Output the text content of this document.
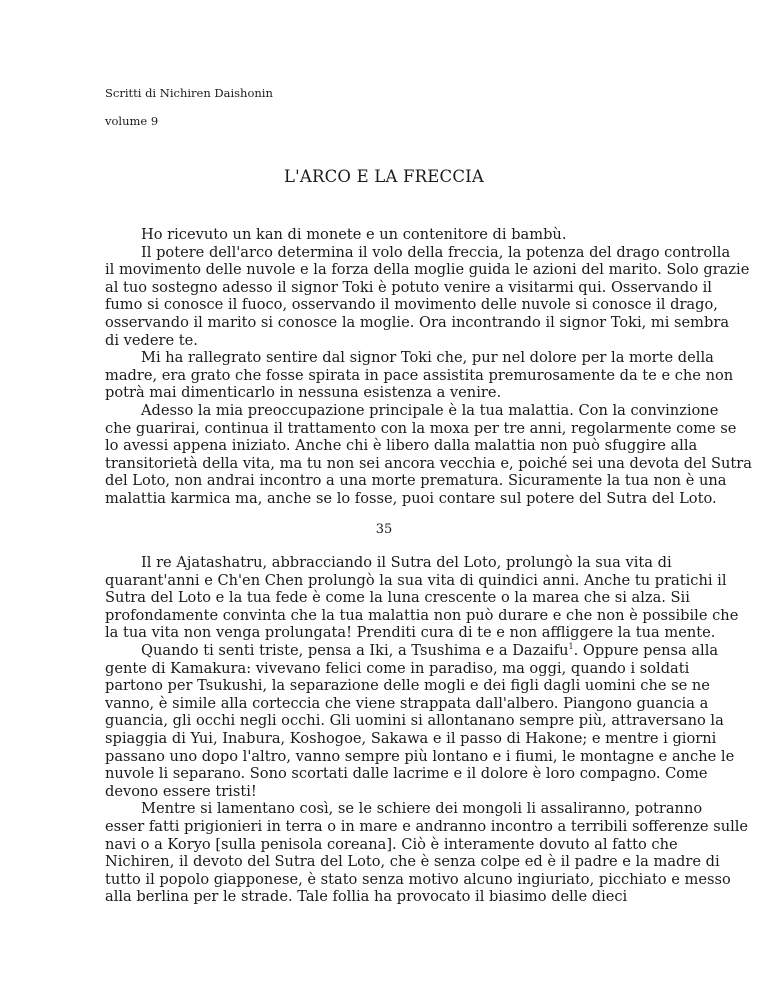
Scritti di Nichiren Daishonin
volume 9
L'ARCO E LA FRECCIA
Ho ricevuto un kan di monete e un contenitore di bambù.
Il potere dell'arco determina il volo della freccia, la potenza del drago controlla
il movimento delle nuvole e la forza della moglie guida le azioni del marito. Solo grazie
al tuo sostegno adesso il signor Toki è potuto venire a visitarmi qui. Osservando il
fumo si conosce il fuoco, osservando il movimento delle nuvole si conosce il drago,
osservando il marito si conosce la moglie. Ora incontrando il signor Toki, mi sembra
di vedere te.
Mi ha rallegrato sentire dal signor Toki che, pur nel dolore per la morte della
madre, era grato che fosse spirata in pace assistita premurosamente da te e che non
potrà mai dimenticarlo in nessuna esistenza a venire.
Adesso la mia preoccupazione principale è la tua malattia. Con la convinzione
che guarirai, continua il trattamento con la moxa per tre anni, regolarmente come se
lo avessi appena iniziato. Anche chi è libero dalla malattia non può sfuggire alla
transitorietà della vita, ma tu non sei ancora vecchia e, poiché sei una devota del Sutra
del Loto, non andrai incontro a una morte prematura. Sicuramente la tua non è una
malattia karmica ma, anche se lo fosse, puoi contare sul potere del Sutra del Loto.
35
Il re Ajatashatru, abbracciando il Sutra del Loto, prolungò la sua vita di
quarant'anni e Ch'en Chen prolungò la sua vita di quindici anni. Anche tu pratichi il
Sutra del Loto e la tua fede è come la luna crescente o la marea che si alza. Sii
profondamente convinta che la tua malattia non può durare e che non è possibile che
la tua vita non venga prolungata! Prenditi cura di te e non affliggere la tua mente.
Quando ti senti triste, pensa a Iki, a Tsushima e a Dazaifu$^1$. Oppure pensa alla
gente di Kamakura: vivevano felici come in paradiso, ma oggi, quando i soldati
partono per Tsukushi, la separazione delle mogli e dei figli dagli uomini che se ne
vanno, è simile alla corteccia che viene strappata dall'albero. Piangono guancia a
guancia, gli occhi negli occhi. Gli uomini si allontanano sempre più, attraversano la
spiaggia di Yui, Inabura, Koshogoe, Sakawa e il passo di Hakone; e mentre i giorni
passano uno dopo l'altro, vanno sempre più lontano e i fiumi, le montagne e anche le
nuvole li separano. Sono scortati dalle lacrime e il dolore è loro compagno. Come
devono essere tristi!
Mentre si lamentano così, se le schiere dei mongoli li assaliranno, potranno
esser fatti prigionieri in terra o in mare e andranno incontro a terribili sofferenze sulle
navi o a Koryo [sulla penisola coreana]. Ciò è interamente dovuto al fatto che
Nichiren, il devoto del Sutra del Loto, che è senza colpe ed è il padre e la madre di
tutto il popolo giapponese, è stato senza motivo alcuno ingiuriato, picchiato e messo
alla berlina per le strade. Tale follia ha provocato il biasimo delle dieci
